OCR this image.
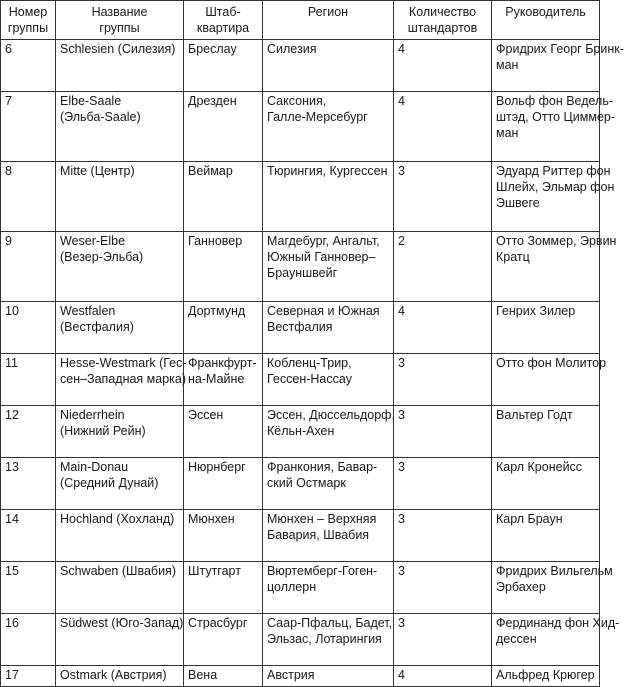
Номер
группы	Название
группы	Штаб-
квартира	Регион	Количество
штандартов	Руководитель
6	Schlesien (Силезия)	Бреслау	Силезия	4	Фридрих Георг Бринк-
ман
7	Elbe-Saale
(Эльба-Saale)	Дрезден	Саксония,
Галле-Мерсебург	4	Вольф фон Ведель-
штэд, Отто Циммер-
ман
8	Mitte (Центр)	Веймар	Тюрингия, Кургессен	3	Эдуард Риттер фон
Шлейх, Эльмар фон
Эшвеге
9	Weser-Elbe
(Везер-Эльба)	Ганновер	Магдебург, Ангальт,
Южный Ганновер–
Брауншвейг	2	Отто Зоммер, Эрвин
Кратц
10	Westfalen
(Вестфалия)	Дортмунд	Северная и Южная
Вестфалия	4	Генрих Зилер
11	Hesse-Westmark (Гес-
сен–Западная марка)	Франкфурт-
на-Майне	Кобленц-Трир,
Гессен-Нассау	3	Отто фон Молитор
12	Niederrhein
(Нижний Рейн)	Эссен	Эссен, Дюссельдорф,
Кёльн-Ахен	3	Вальтер Годт
13	Main-Donau
(Средний Дунай)	Нюрнберг	Франкония, Бавар-
ский Остмарк	3	Карл Кронейсс
14	Hochland (Хохланд)	Мюнхен	Мюнхен – Верхняя
Бавария, Швабия	3	Карл Браун
15	Schwaben (Швабия)	Штутгарт	Вюртемберг-Гоген-
цоллерн	3	Фридрих Вильгельм
Эрбахер
16	Südwest (Юго-Запад)	Страсбург	Саар-Пфальц, Бадет,
Эльзас, Лотарингия	3	Фердинанд фон Хид-
дессен
17	Ostmark (Австрия)	Вена	Австрия	4	Альфред Крюгер
